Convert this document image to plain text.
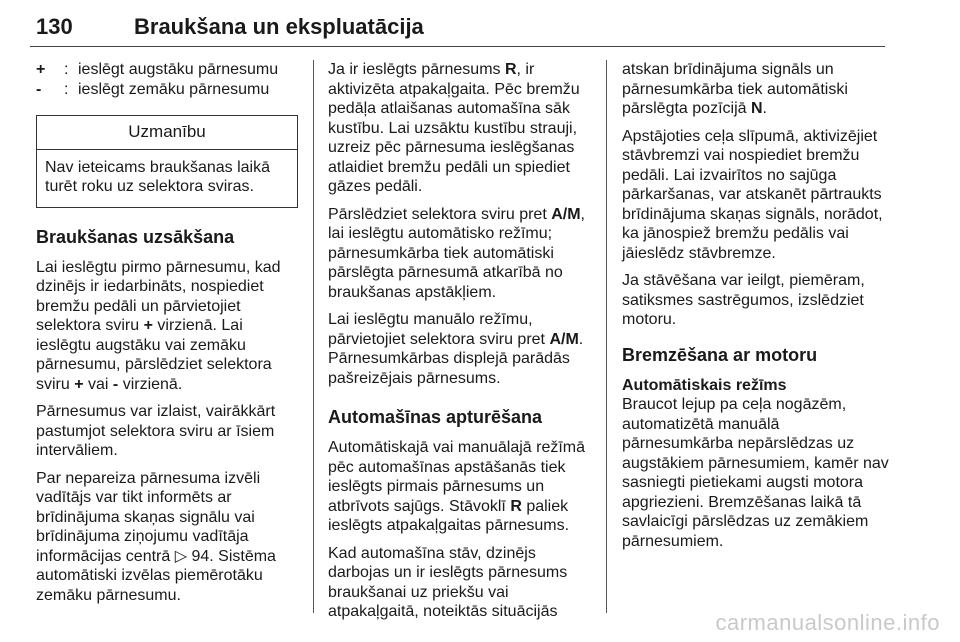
130	Braukšana un ekspluatācija
+	: ieslēgt augstāku pārnesumu
-	: ieslēgt zemāku pārnesumu
Uzmanību
Nav ieteicams braukšanas laikā turēt roku uz selektora sviras.
Braukšanas uzsākšana

Lai ieslēgtu pirmo pārnesumu, kad dzinējs ir iedarbināts, nospiediet bremžu pedāli un pārvietojiet selektora sviru + virzienā. Lai ieslēgtu augstāku vai zemāku pārnesumu, pārslēdziet selektora sviru + vai - virzienā.

Pārnesumus var izlaist, vairākkārt pastumjot selektora sviru ar īsiem intervāliem.

Par nepareiza pārnesuma izvēli vadītājs var tikt informēts ar brīdinājuma skaņas signālu vai brīdinājuma ziņojumu vadītāja informācijas centrā ▷ 94. Sistēma automātiski izvēlas piemērotāku zemāku pārnesumu.

Ja ir ieslēgts pārnesums R, ir aktivizēta atpakaļgaita. Pēc bremžu pedāļa atlaišanas automašīna sāk kustību. Lai uzsāktu kustību strauji, uzreiz pēc pārnesuma ieslēgšanas atlaidiet bremžu pedāli un spiediet gāzes pedāli.

Pārslēdziet selektora sviru pret A/M, lai ieslēgtu automātisko režīmu; pārnesumkārba tiek automātiski pārslēgta pārnesumā atkarībā no braukšanas apstākļiem.

Lai ieslēgtu manuālo režīmu, pārvietojiet selektora sviru pret A/M. Pārnesumkārbas displejā parādās pašreizējais pārnesums.

Automašīnas apturēšana

Automātiskajā vai manuālajā režīmā pēc automašīnas apstāšanās tiek ieslēgts pirmais pārnesums un atbrīvots sajūgs. Stāvoklī R paliek ieslēgts atpakaļgaitas pārnesums.

Kad automašīna stāv, dzinējs darbojas un ir ieslēgts pārnesums braukšanai uz priekšu vai atpakaļgaitā, noteiktās situācijās

atskan brīdinājuma signāls un pārnesumkārba tiek automātiski pārslēgta pozīcijā N.

Apstājoties ceļa slīpumā, aktivizējiet stāvbremzi vai nospiediet bremžu pedāli. Lai izvairītos no sajūga pārkaršanas, var atskanēt pārtraukts brīdinājuma skaņas signāls, norādot, ka jānospiež bremžu pedālis vai jāieslēdz stāvbremze.

Ja stāvēšana var ieilgt, piemēram, satiksmes sastrēgumos, izslēdziet motoru.

Bremzēšana ar motoru
Automātiskais režīms

Braucot lejup pa ceļa nogāzēm, automatizētā manuālā pārnesumkārba nepārslēdzas uz augstākiem pārnesumiem, kamēr nav sasniegti pietiekami augsti motora apgriezieni. Bremzēšanas laikā tā savlaicīgi pārslēdzas uz zemākiem pārnesumiem.

carmanualsonline.info
